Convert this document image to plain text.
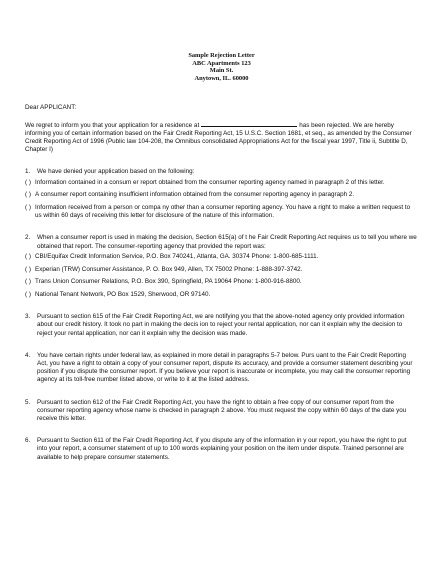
Sample Rejection Letter
ABC Apartments 123
Main St.
Anytown, IL. 60000
Dear APPLICANT:
We regret to inform you that your application for a residence at	has been rejected. We are hereby informing you of certain information based on the Fair Credit Reporting Act, 15 U.S.C. Section 1681, et seq., as amended by the Consumer Credit Reporting Act of 1996 (Public law 104-208, the Omnibus consolidated Appropriations Act for the fiscal year 1997, Title ii, Subtitle D, Chapter I)
1.	We have denied your application based on the following:
( ) Information contained in a consum er report obtained from the consumer reporting agency named in paragraph 2 of this letter.
( ) A consumer report containing insufficient information obtained from the consumer reporting agency in paragraph 2.
( ) Information received from a person or compa ny other than a consumer reporting agency. You have a right to make a written request to us within 60 days of receiving this letter for disclosure of the nature of this information.
2.	When a consumer report is used in making the decision, Section 615(a) of t he Fair Credit Reporting Act requires us to tell you where we obtained that report. The consumer-reporting agency that provided the report was:
( ) CBI/Equifax Credit Information Service, P.O. Box 740241, Atlanta, GA. 30374 Phone: 1-800-685-1111.
( ) Experian (TRW) Consumer Assistance, P. O. Box 949, Allen, TX 75002 Phone: 1-888-397-3742.
( ) Trans Union Consumer Relations, P.O. Box 390, Springfield, PA 19064 Phone: 1-800-916-8800.
( ) National Tenant Network, PO Box 1529, Sherwood, OR 97140.
3.	Pursuant to section 615 of the Fair Credit Reporting Act, we are notifying you that the above-noted agency only provided information about our credit history. It took no part in making the decis ion to reject your rental application, nor can it explain why the decision to reject your rental application, nor can it explain why the decision was made.
4.	You have certain rights under federal law, as explained in more detail in paragraphs 5-7 below. Purs uant to the Fair Credit Reporting Act, you have a right to obtain a copy of your consumer report, dispute its accuracy, and provide a consumer statement describing your position if you dispute the consumer report. If you believe your report is inaccurate or incomplete, you may call the consumer reporting agency at its toll-free number listed above, or write to it at the listed address.
5.	Pursuant to section 612 of the Fair Credit Reporting Act, you have the right to obtain a free copy of our consumer report from the consumer reporting agency whose name is checked in paragraph 2 above. You must request the copy within 60 days of the date you receive this letter.
6.	Pursuant to Section 611 of the Fair Credit Reporting Act, if you dispute any of the information in y our report, you have the right to put into your report, a consumer statement of up to 100 words explaining your position on the item under dispute. Trained personnel are available to help prepare consumer statements.
